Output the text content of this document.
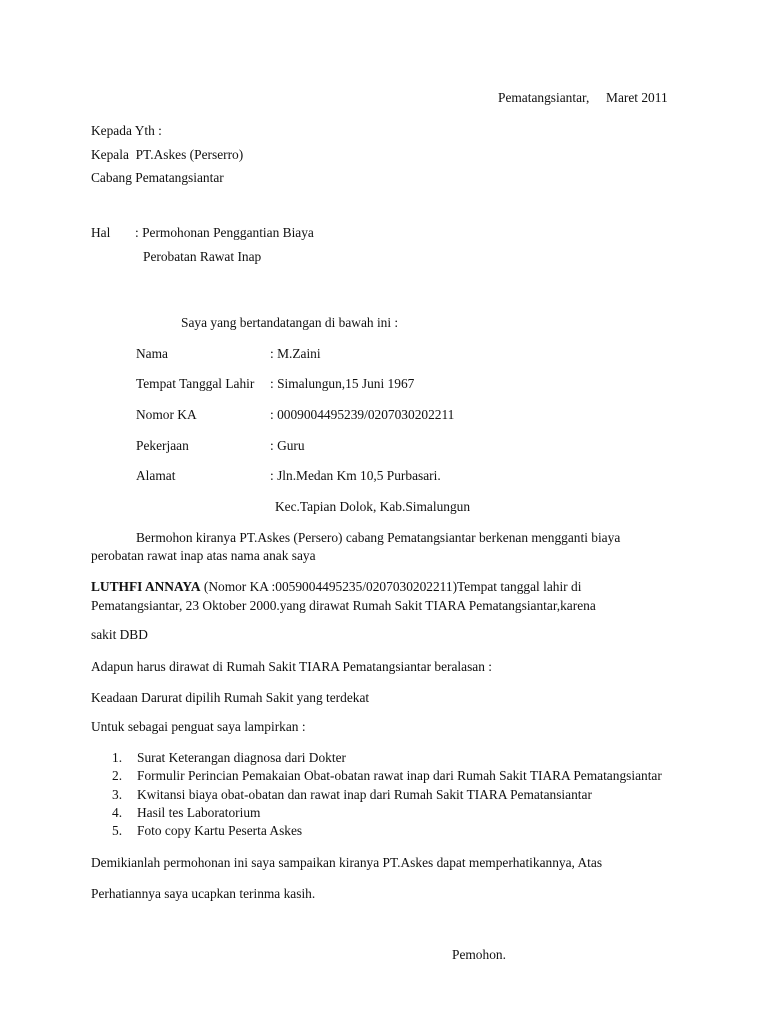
Pematangsiantar,     Maret 2011
Kepada Yth :
Kepala  PT.Askes (Perserro)
Cabang Pematangsiantar
Hal : Permohonan Penggantian Biaya
Perobatan Rawat Inap
Saya yang bertandatangan di bawah ini :
Nama	: M.Zaini
Tempat Tanggal Lahir : Simalungun,15 Juni 1967
Nomor KA	: 0009004495239/0207030202211
Pekerjaan	: Guru
Alamat	: Jln.Medan Km 10,5 Purbasari.
Kec.Tapian Dolok, Kab.Simalungun
Bermohon kiranya PT.Askes (Persero) cabang Pematangsiantar berkenan mengganti biaya
perobatan rawat inap atas nama anak saya
LUTHFI ANNAYA (Nomor KA :0059004495235/0207030202211)Tempat tanggal lahir di
Pematangsiantar, 23 Oktober 2000.yang dirawat Rumah Sakit TIARA Pematangsiantar,karena
sakit DBD
Adapun harus dirawat di Rumah Sakit TIARA Pematangsiantar beralasan :
Keadaan Darurat dipilih Rumah Sakit yang terdekat
Untuk sebagai penguat saya lampirkan :
1. Surat Keterangan diagnosa dari Dokter
2. Formulir Perincian Pemakaian Obat-obatan rawat inap dari Rumah Sakit TIARA Pematangsiantar
3. Kwitansi biaya obat-obatan dan rawat inap dari Rumah Sakit TIARA Pematansiantar
4. Hasil tes Laboratorium
5. Foto copy Kartu Peserta Askes
Demikianlah permohonan ini saya sampaikan kiranya PT.Askes dapat memperhatikannya, Atas
Perhatiannya saya ucapkan terinma kasih.
Pemohon.
